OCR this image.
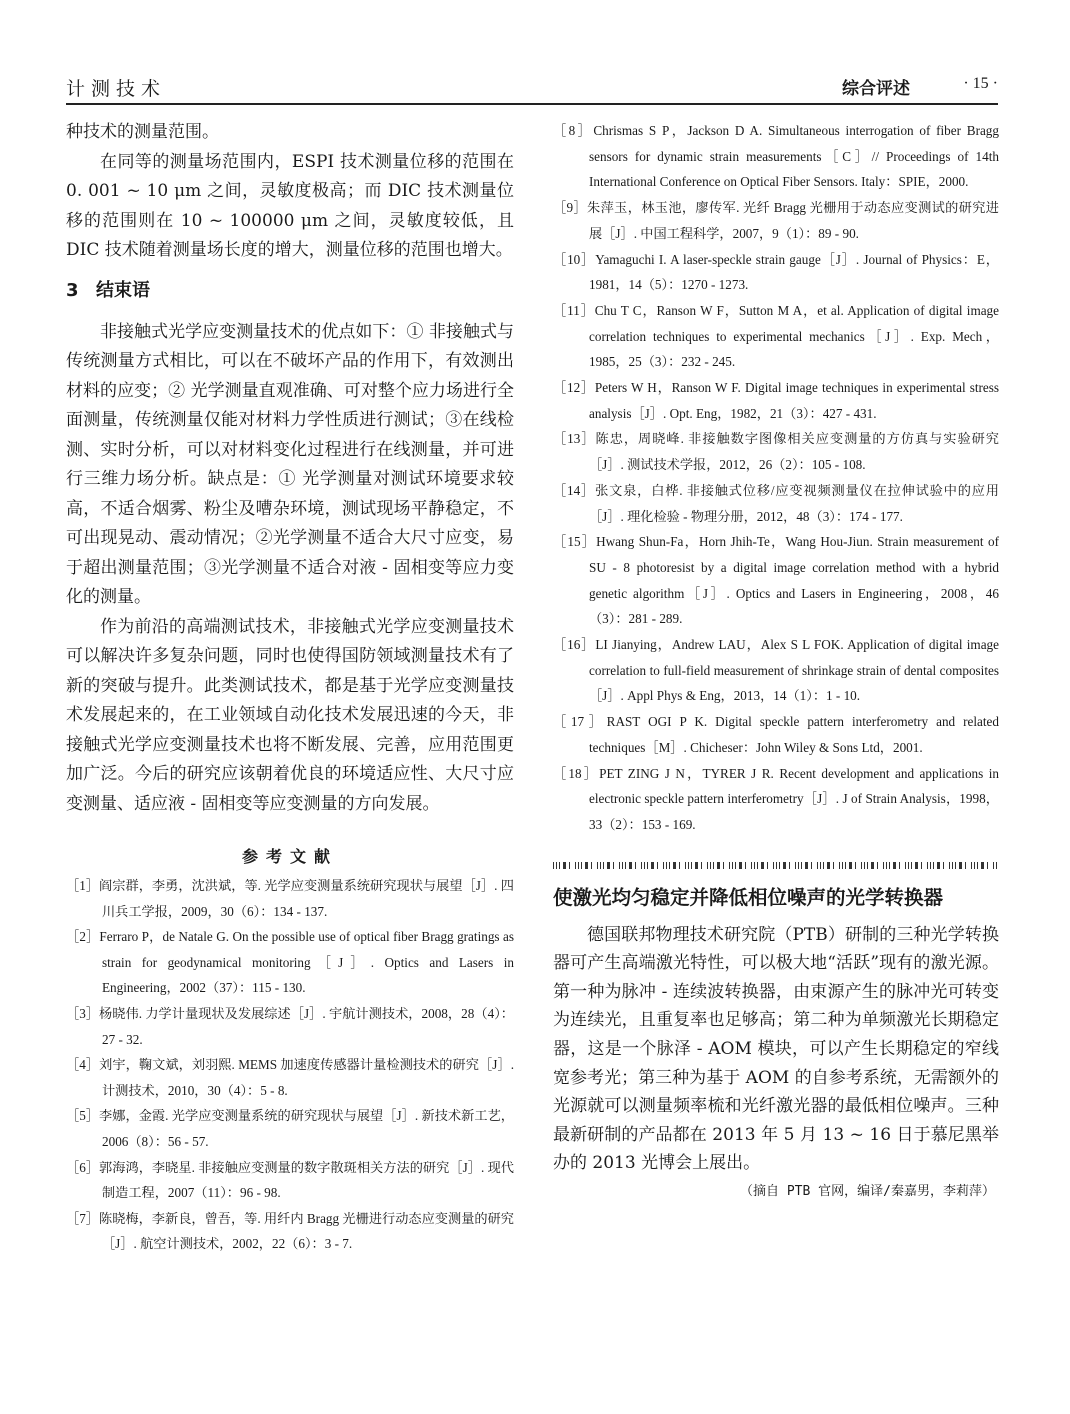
计测技术	综合评述	· 15 ·

种技术的测量范围。

在同等的测量场范围内，ESPI 技术测量位移的范围在 0. 001 ~ 10 μm 之间，灵敏度极高；而 DIC 技术测量位移的范围则在 10 ~ 100000 μm 之间，灵敏度较低，且 DIC 技术随着测量场长度的增大，测量位移的范围也增大。

3 结束语

非接触式光学应变测量技术的优点如下：① 非接触式与传统测量方式相比，可以在不破坏产品的作用下，有效测出材料的应变；② 光学测量直观准确、可对整个应力场进行全面测量，传统测量仅能对材料力学性质进行测试；③在线检测、实时分析，可以对材料变化过程进行在线测量，并可进行三维力场分析。缺点是：① 光学测量对测试环境要求较高，不适合烟雾、粉尘及嘈杂环境，测试现场平静稳定，不可出现晃动、震动情况；②光学测量不适合大尺寸应变，易于超出测量范围；③光学测量不适合对液 - 固相变等应力变化的测量。

作为前沿的高端测试技术，非接触式光学应变测量技术可以解决许多复杂问题，同时也使得国防领域测量技术有了新的突破与提升。此类测试技术，都是基于光学应变测量技术发展起来的，在工业领域自动化技术发展迅速的今天，非接触式光学应变测量技术也将不断发展、完善，应用范围更加广泛。今后的研究应该朝着优良的环境适应性、大尺寸应变测量、适应液 - 固相变等应变测量的方向发展。

参考文献

［1］阎宗群，李勇，沈洪斌，等. 光学应变测量系统研究现状与展望［J］. 四川兵工学报，2009，30（6）：134 - 137.

［2］Ferraro P，de Natale G. On the possible use of optical fiber Bragg gratings as strain for geodynamical monitoring［J］. Optics and Lasers in Engineering，2002（37）：115 - 130.

［3］杨晓伟. 力学计量现状及发展综述［J］. 宇航计测技术，2008，28（4）：27 - 32.

［4］刘宇，鞠文斌，刘羽熙. MEMS 加速度传感器计量检测技术的研究［J］. 计测技术，2010，30（4）：5 - 8.

［5］李娜，金霞. 光学应变测量系统的研究现状与展望［J］. 新技术新工艺，2006（8）：56 - 57.

［6］郭海鸿，李晓星. 非接触应变测量的数字散斑相关方法的研究［J］. 现代制造工程，2007（11）：96 - 98.

［7］陈晓梅，李新良，曾吾，等. 用纤内 Bragg 光栅进行动态应变测量的研究［J］. 航空计测技术，2002，22（6）：3 - 7.

［8］Chrismas S P，Jackson D A. Simultaneous interrogation of fiber Bragg sensors for dynamic strain measurements［C］// Proceedings of 14th International Conference on Optical Fiber Sensors. Italy：SPIE，2000.

［9］朱萍玉，林玉池，廖传军. 光纤 Bragg 光栅用于动态应变测试的研究进展［J］. 中国工程科学，2007，9（1）：89 - 90.

［10］Yamaguchi I. A laser-speckle strain gauge［J］. Journal of Physics：E，1981，14（5）：1270 - 1273.

［11］Chu T C，Ranson W F，Sutton M A，et al. Application of digital image correlation techniques to experimental mechanics［J］. Exp. Mech，1985，25（3）：232 - 245.

［12］Peters W H，Ranson W F. Digital image techniques in experimental stress analysis［J］. Opt. Eng，1982，21（3）：427 - 431.

［13］陈忠，周晓峰. 非接触数字图像相关应变测量的方仿真与实验研究［J］. 测试技术学报，2012，26（2）：105 - 108.

［14］张文泉，白桦. 非接触式位移/应变视频测量仪在拉伸试验中的应用［J］. 理化检验 - 物理分册，2012，48（3）：174 - 177.

［15］Hwang Shun-Fa，Horn Jhih-Te，Wang Hou-Jiun. Strain measurement of SU - 8 photoresist by a digital image correlation method with a hybrid genetic algorithm［J］. Optics and Lasers in Engineering，2008，46（3）：281 - 289.

［16］LI Jianying，Andrew LAU，Alex S L FOK. Application of digital image correlation to full-field measurement of shrinkage strain of dental composites［J］. Appl Phys & Eng，2013，14（1）：1 - 10.

［17］RAST OGI P K. Digital speckle pattern interferometry and related techniques［M］. Chicheser：John Wiley & Sons Ltd，2001.

［18］PET ZING J N，TYRER J R. Recent development and applications in electronic speckle pattern interferometry［J］. J of Strain Analysis，1998，33（2）：153 - 169.

使激光均匀稳定并降低相位噪声的光学转换器

德国联邦物理技术研究院（PTB）研制的三种光学转换器可产生高端激光特性，可以极大地“活跃”现有的激光源。第一种为脉冲 - 连续波转换器，由束源产生的脉冲光可转变为连续光，且重复率也足够高；第二种为单频激光长期稳定器，这是一个脉泽 - AOM 模块，可以产生长期稳定的窄线宽参考光；第三种为基于 AOM 的自参考系统，无需额外的光源就可以测量频率梳和光纤激光器的最低相位噪声。三种最新研制的产品都在 2013 年 5 月 13 ~ 16 日于慕尼黑举办的 2013 光博会上展出。
（摘自 PTB 官网，编译/秦嘉男，李莉萍）
